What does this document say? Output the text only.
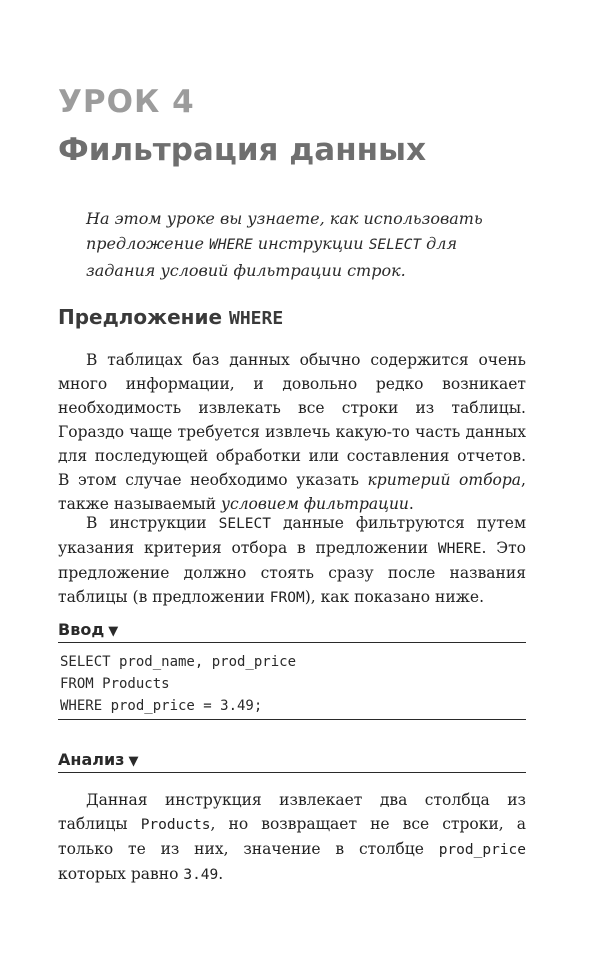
УРОК 4
Фильтрация данных
На этом уроке вы узнаете, как использовать предложение WHERE инструкции SELECT для задания условий фильтрации строк.
Предложение WHERE

В таблицах баз данных обычно содержится очень много информации, и довольно редко возникает необходимость извлекать все строки из таблицы. Гораздо чаще требуется извлечь какую-то часть данных для последующей обработки или составления отчетов. В этом случае необходимо указать критерий отбора, также называемый условием фильтрации.

В инструкции SELECT данные фильтруются путем указания критерия отбора в предложении WHERE. Это предложение должно стоять сразу после названия таблицы (в предложении FROM), как показано ниже.

Ввод ▼
SELECT prod_name, prod_price
FROM Products
WHERE prod_price = 3.49;
Анализ ▼

Данная инструкция извлекает два столбца из таблицы Products, но возвращает не все строки, а только те из них, значение в столбце prod_price которых равно 3.49.
